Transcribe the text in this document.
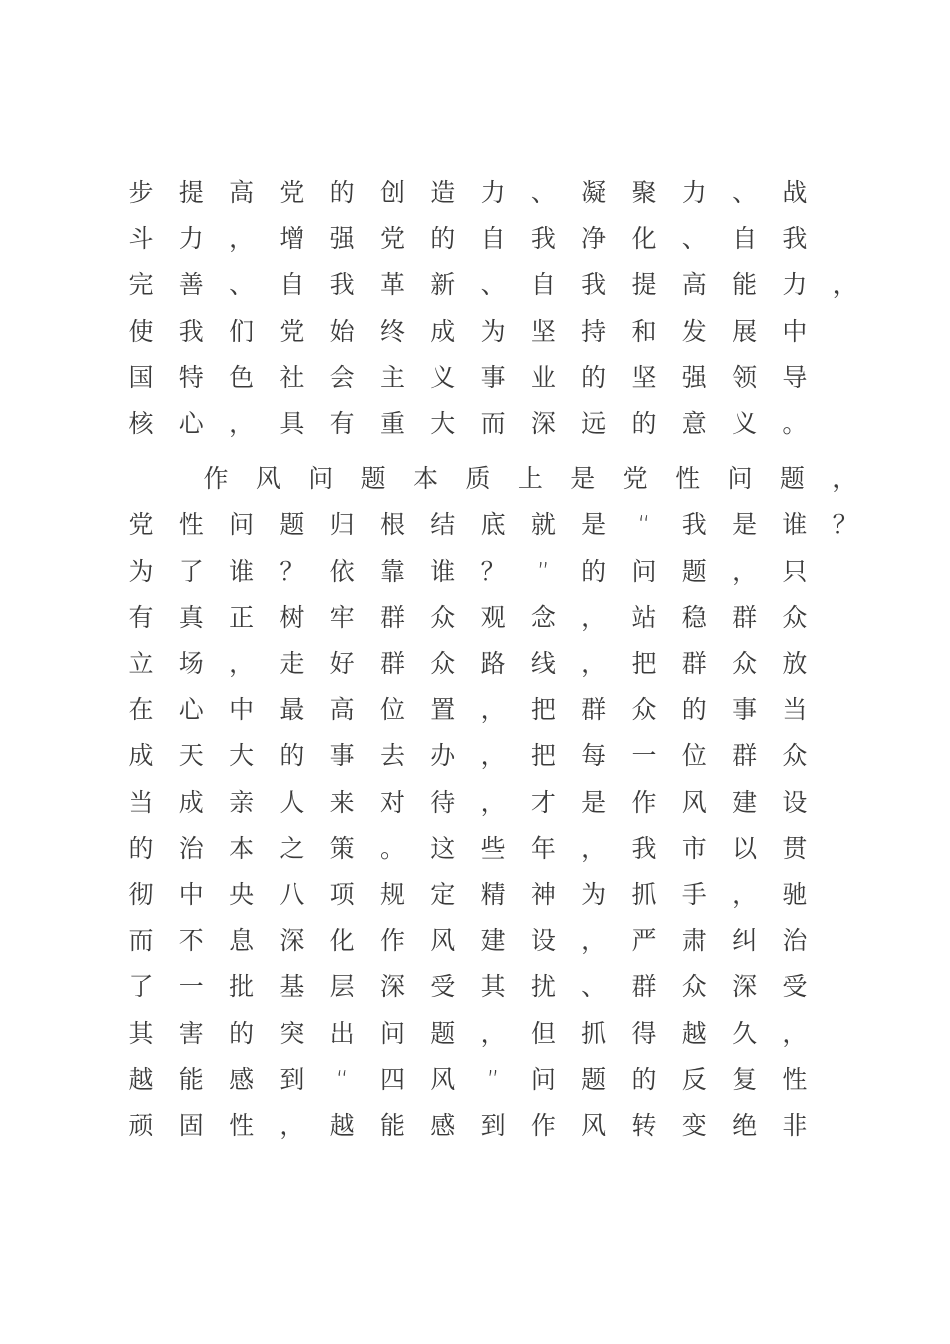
步	提	高	党	的	创	造	力	、	凝	聚	力	、	战
斗	力	，	增	强	党	的	自	我	净	化	、	自	我
完	善	、	自	我	革	新	、	自	我	提	高	能	力	，
使	我	们	党	始	终	成	为	坚	持	和	发	展	中
国	特	色	社	会	主	义	事	业	的	坚	强	领	导
核	心	，	具	有	重	大	而	深	远	的	意	义	。
作	风	问	题	本	质	上	是	党	性	问	题	，
党	性	问	题	归	根	结	底	就	是	“	我	是	谁	？
为	了	谁	？	依	靠	谁	？	”	的	问	题	，	只
有	真	正	树	牢	群	众	观	念	，	站	稳	群	众
立	场	，	走	好	群	众	路	线	，	把	群	众	放
在	心	中	最	高	位	置	，	把	群	众	的	事	当
成	天	大	的	事	去	办	，	把	每	一	位	群	众
当	成	亲	人	来	对	待	，	才	是	作	风	建	设
的	治	本	之	策	。	这	些	年	，	我	市	以	贯
彻	中	央	八	项	规	定	精	神	为	抓	手	，	驰
而	不	息	深	化	作	风	建	设	，	严	肃	纠	治
了	一	批	基	层	深	受	其	扰	、	群	众	深	受
其	害	的	突	出	问	题	，	但	抓	得	越	久	，
越	能	感	到	“	四	风	”	问	题	的	反	复	性
顽	固	性	，	越	能	感	到	作	风	转	变	绝	非
